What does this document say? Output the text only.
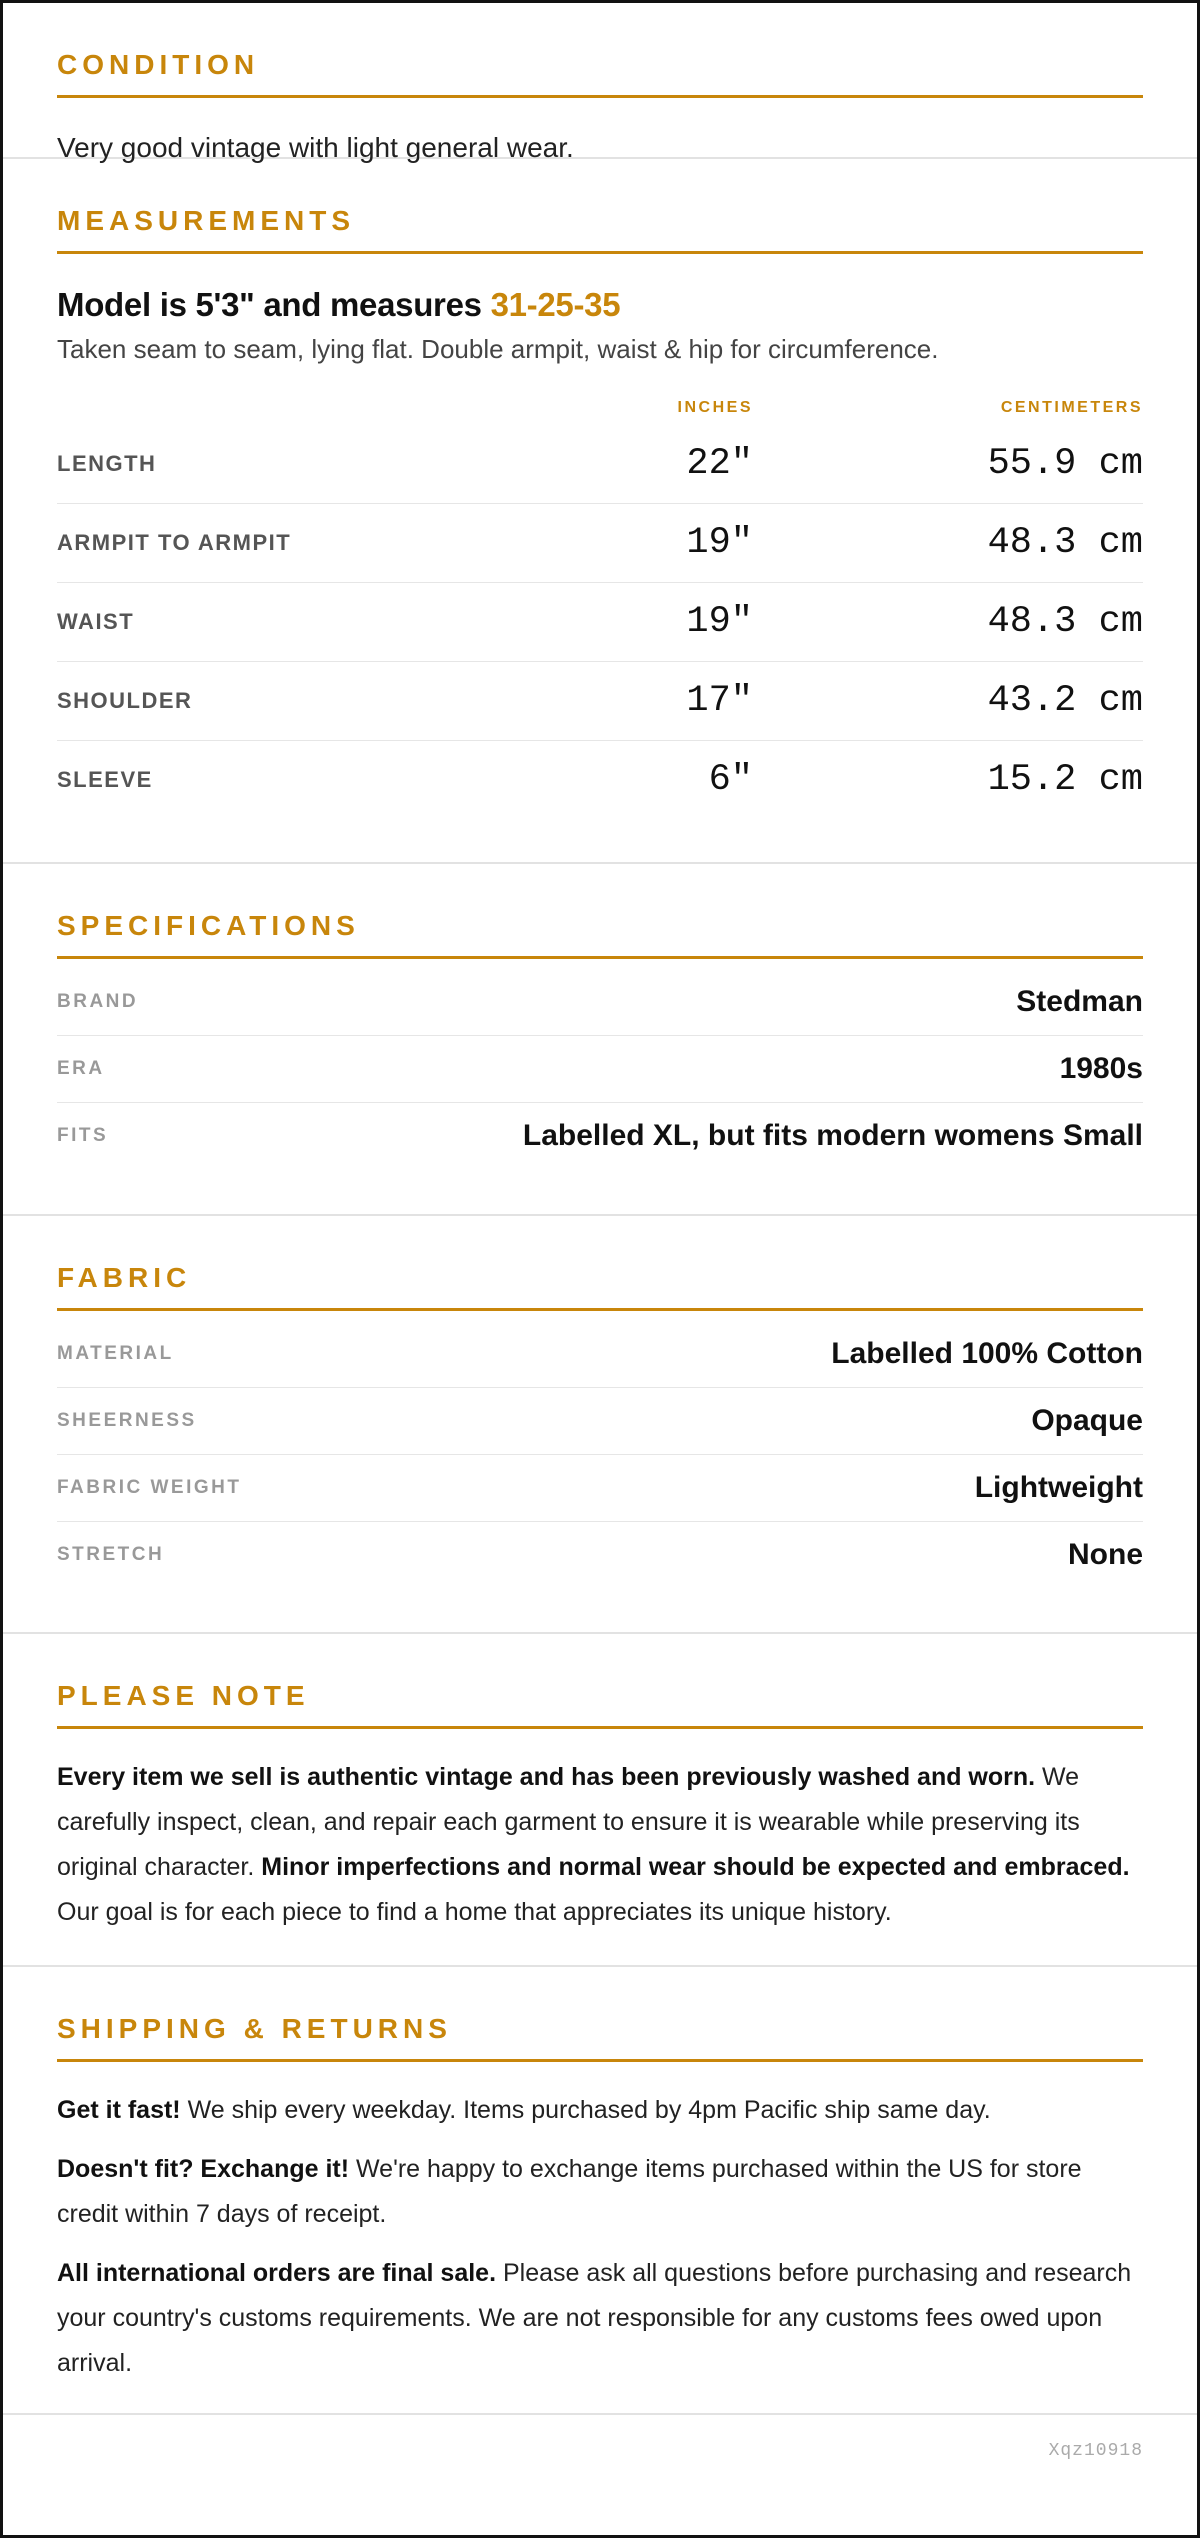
CONDITION
Very good vintage with light general wear.
MEASUREMENTS
Model is 5'3" and measures 31-25-35
Taken seam to seam, lying flat. Double armpit, waist & hip for circumference.
INCHES	CENTIMETERS
LENGTH	22"	55.9 cm
ARMPIT TO ARMPIT	19"	48.3 cm
WAIST	19"	48.3 cm
SHOULDER	17"	43.2 cm
SLEEVE	6"	15.2 cm
SPECIFICATIONS
BRAND	Stedman
ERA	1980s
FITS	Labelled XL, but fits modern womens Small
FABRIC
MATERIAL	Labelled 100% Cotton
SHEERNESS	Opaque
FABRIC WEIGHT	Lightweight
STRETCH	None
PLEASE NOTE

Every item we sell is authentic vintage and has been previously washed and worn. We carefully inspect, clean, and repair each garment to ensure it is wearable while preserving its original character. Minor imperfections and normal wear should be expected and embraced. Our goal is for each piece to find a home that appreciates its unique history.

SHIPPING & RETURNS

Get it fast! We ship every weekday. Items purchased by 4pm Pacific ship same day.

Doesn't fit? Exchange it! We're happy to exchange items purchased within the US for store credit within 7 days of receipt.

All international orders are final sale. Please ask all questions before purchasing and research your country's customs requirements. We are not responsible for any customs fees owed upon arrival.

Xqz10918
